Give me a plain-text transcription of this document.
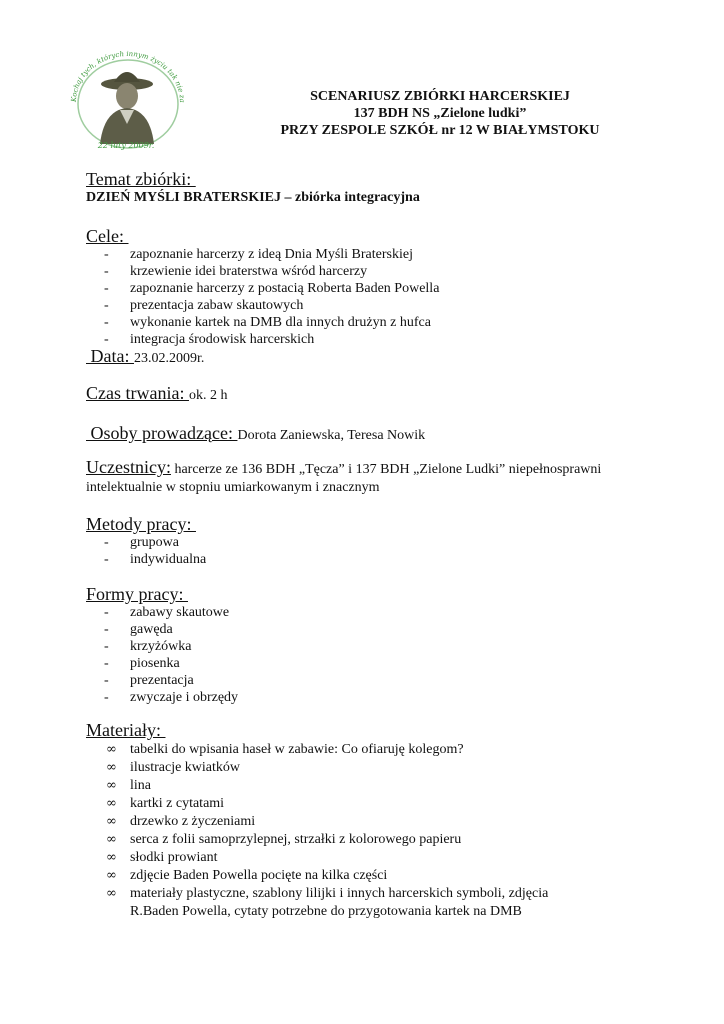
Kochaj tych, których innym życiu tak nie za
22 luty 2009r.
SCENARIUSZ ZBIÓRKI HARCERSKIEJ
137 BDH NS „Zielone ludki”
PRZY ZESPOLE SZKÓŁ nr 12 W BIAŁYMSTOKU
Temat zbiórki:
DZIEŃ MYŚLI BRATERSKIEJ – zbiórka integracyjna
Cele:
- zapoznanie harcerzy z ideą Dnia Myśli Braterskiej
- krzewienie idei braterstwa wśród harcerzy
- zapoznanie harcerzy z postacią Roberta Baden Powella
- prezentacja zabaw skautowych
- wykonanie kartek na DMB dla innych drużyn z hufca
- integracja środowisk harcerskich
Data: 23.02.2009r.
Czas trwania: ok. 2 h
Osoby prowadzące: Dorota Zaniewska, Teresa Nowik
Uczestnicy: harcerze ze 136 BDH „Tęcza” i 137 BDH „Zielone Ludki” niepełnosprawni intelektualnie w stopniu umiarkowanym i znacznym
Metody pracy:
- grupowa
- indywidualna
Formy pracy:
- zabawy skautowe
- gawęda
- krzyżówka
- piosenka
- prezentacja
- zwyczaje i obrzędy
Materiały:
∞ tabelki do wpisania haseł w zabawie: Co ofiaruję kolegom?
∞ ilustracje kwiatków
∞ lina
∞ kartki z cytatami
∞ drzewko z życzeniami
∞ serca z folii samoprzylepnej, strzałki z kolorowego papieru
∞ słodki prowiant
∞ zdjęcie Baden Powella pocięte na kilka części
∞ materiały plastyczne, szablony lilijki i innych harcerskich symboli, zdjęcia R.Baden Powella, cytaty potrzebne do przygotowania kartek na DMB
